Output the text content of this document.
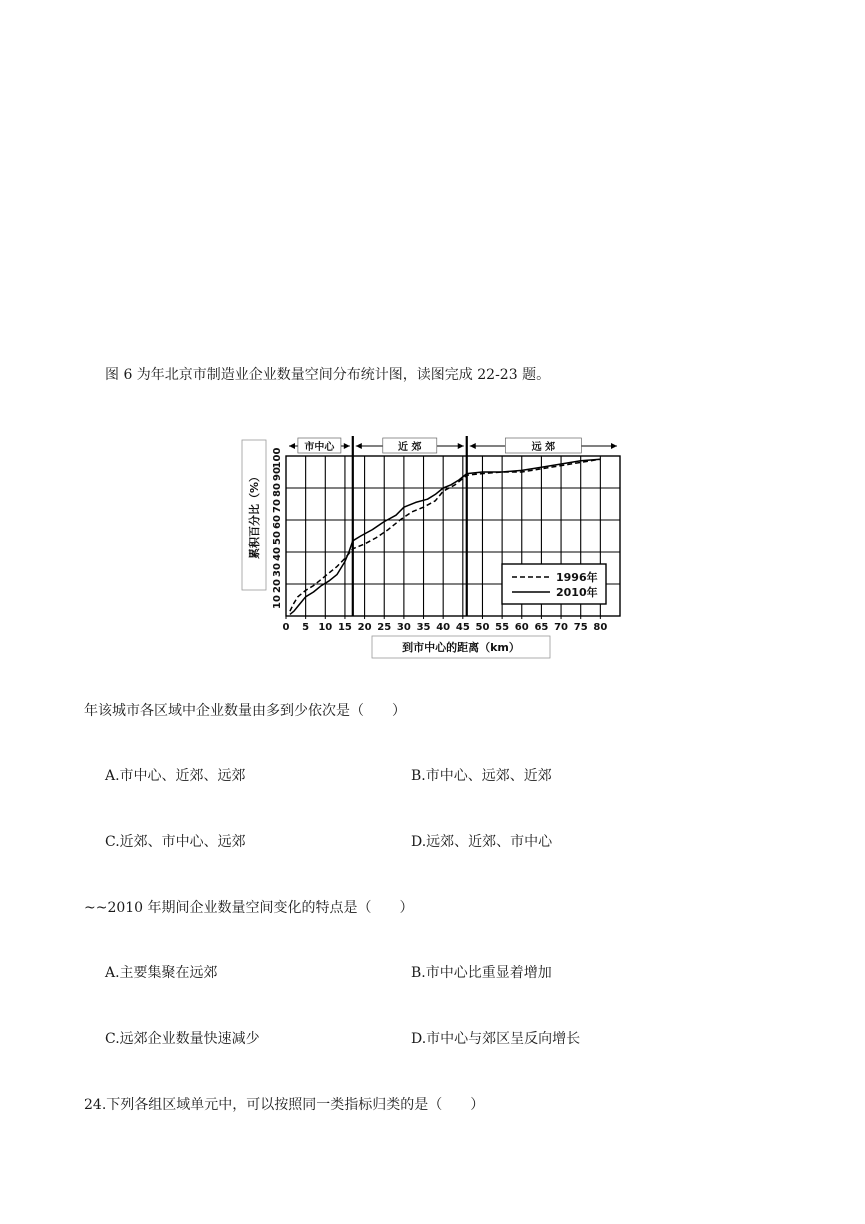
图 6 为年北京市制造业企业数量空间分布统计图，读图完成 22-23 题。
累积百分比（%）
市中心	近 郊	远 郊
0 5 10 15 20 25 30 35 40 45 50 55 60 65 70 75 80
10
20
30
40
50
60
70
80
90
100
1996年
2010年
到市中心的距离（km）
年该城市各区域中企业数量由多到少依次是（　　）
A.市中心、近郊、远郊	B.市中心、远郊、近郊
C.近郊、市中心、远郊	D.远郊、近郊、市中心
~~2010 年期间企业数量空间变化的特点是（　　）
A.主要集聚在远郊	B.市中心比重显着增加
C.远郊企业数量快速减少	D.市中心与郊区呈反向增长
24.下列各组区域单元中，可以按照同一类指标归类的是（　　）
